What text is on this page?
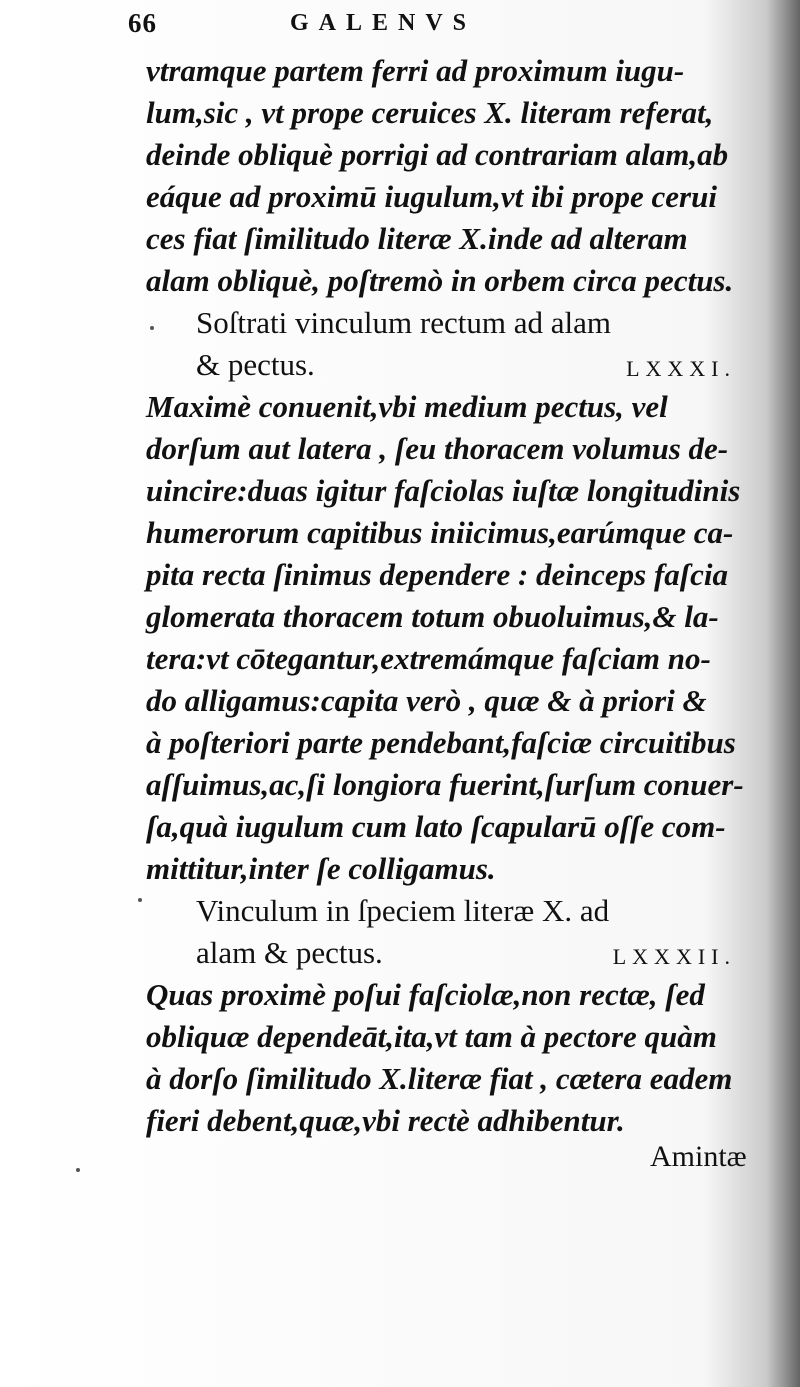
66	GALENVS
vtramque partem ferri ad proximum iugu-
lum,sic , vt prope ceruices X. literam referat,
deinde obliquè porrigi ad contrariam alam,ab
eáque ad proximū iugulum,vt ibi prope cerui
ces fiat ſimilitudo literæ X.inde ad alteram
alam obliquè, poſtremò in orbem circa pectus.
Soſtrati vinculum rectum ad alam
& pectus.	LXXXI.
Maximè conuenit,vbi medium pectus, vel
dorſum aut latera , ſeu thoracem volumus de-
uincire:duas igitur faſciolas iuſtæ longitudinis
humerorum capitibus iniicimus,earúmque ca-
pita recta ſinimus dependere : deinceps faſcia
glomerata thoracem totum obuoluimus,& la-
tera:vt cōtegantur,extremámque faſciam no-
do alligamus:capita verò , quæ & à priori &
à poſteriori parte pendebant,faſciæ circuitibus
aſſuimus,ac,ſi longiora fuerint,ſurſum conuer-
ſa,quà iugulum cum lato ſcapularū oſſe com-
mittitur,inter ſe colligamus.
Vinculum in ſpeciem literæ X. ad
alam & pectus.	LXXXII.
Quas proximè poſui faſciolæ,non rectæ, ſed
obliquæ dependeāt,ita,vt tam à pectore quàm
à dorſo ſimilitudo X.literæ fiat , cætera eadem
fieri debent,quæ,vbi rectè adhibentur.
Amintæ
